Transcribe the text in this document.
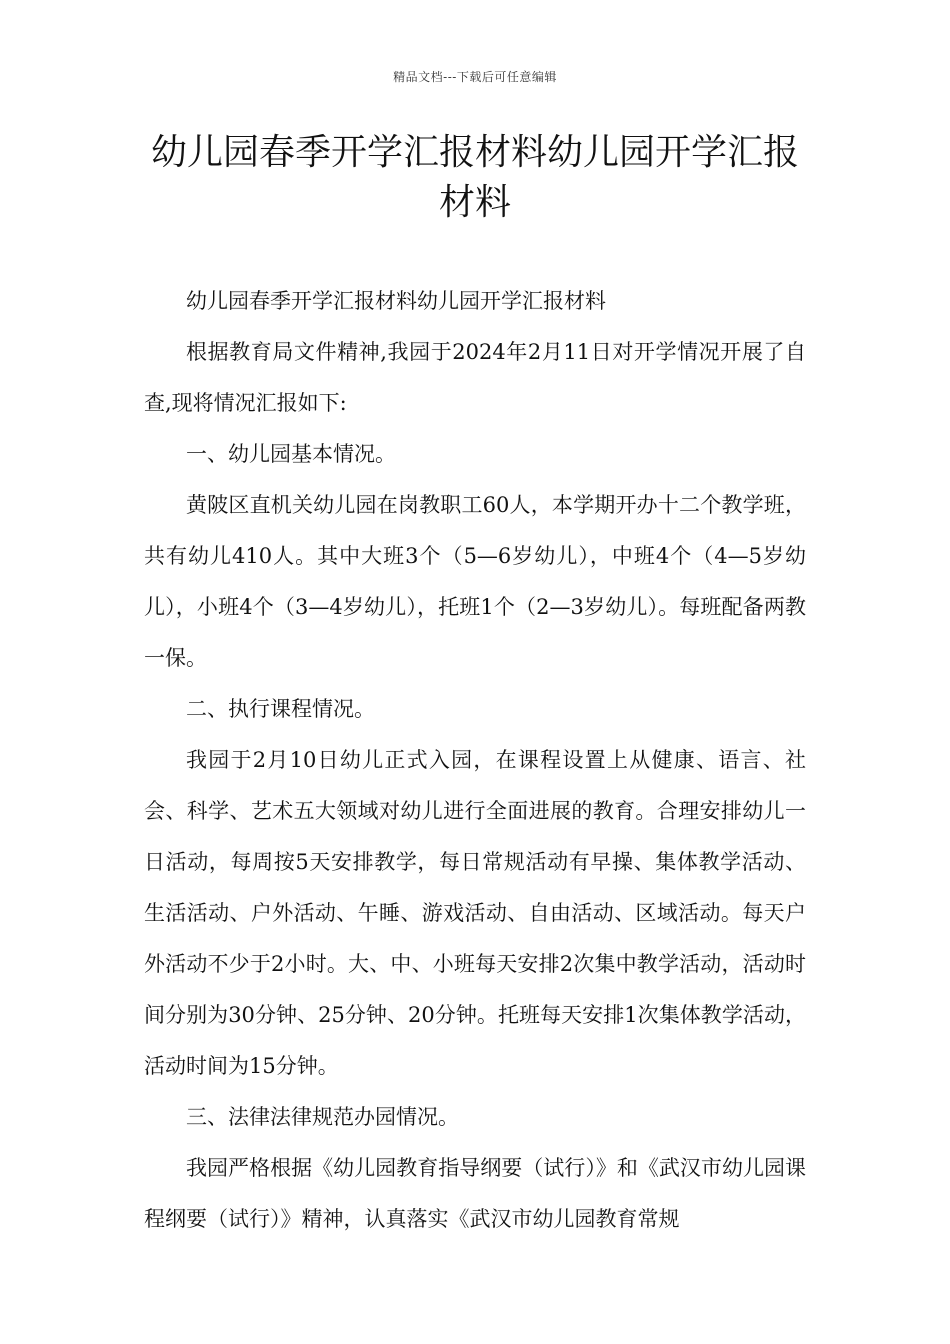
精品文档---下载后可任意编辑
幼儿园春季开学汇报材料幼儿园开学汇报材料

幼儿园春季开学汇报材料幼儿园开学汇报材料

根据教育局文件精神,我园于2024年2月11日对开学情况开展了自查,现将情况汇报如下:

一、幼儿园基本情况。

黄陂区直机关幼儿园在岗教职工60人，本学期开办十二个教学班，共有幼儿410人。其中大班3个（5—6岁幼儿），中班4个（4—5岁幼儿），小班4个（3—4岁幼儿），托班1个（2—3岁幼儿）。每班配备两教一保。

二、执行课程情况。

我园于2月10日幼儿正式入园，在课程设置上从健康、语言、社会、科学、艺术五大领域对幼儿进行全面进展的教育。合理安排幼儿一日活动，每周按5天安排教学，每日常规活动有早操、集体教学活动、生活活动、户外活动、午睡、游戏活动、自由活动、区域活动。每天户外活动不少于2小时。大、中、小班每天安排2次集中教学活动，活动时间分别为30分钟、25分钟、20分钟。托班每天安排1次集体教学活动，活动时间为15分钟。

三、法律法律规范办园情况。

我园严格根据《幼儿园教育指导纲要（试行）》和《武汉市幼儿园课程纲要（试行）》精神，认真落实《武汉市幼儿园教育常规
